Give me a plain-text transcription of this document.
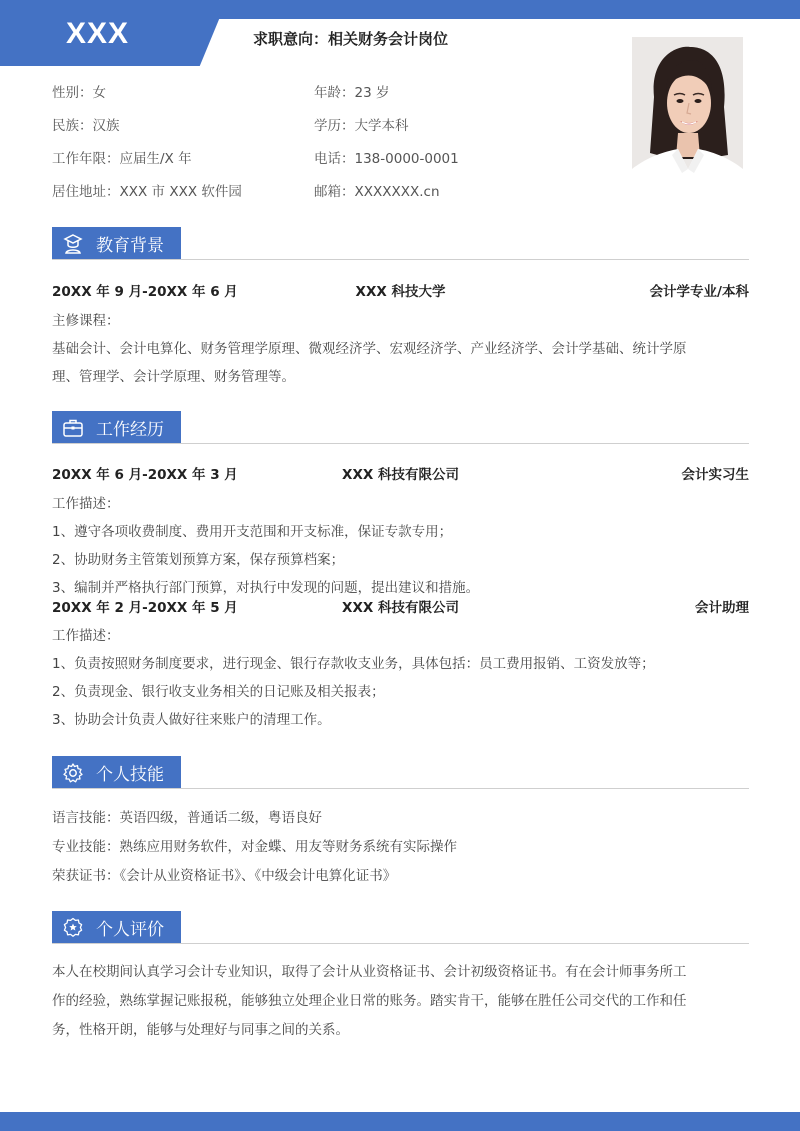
XXX	求职意向：相关财务会计岗位
性别：女	年龄：23 岁
民族：汉族	学历：大学本科
工作年限：应届生/X 年	电话：138-0000-0001
居住地址：XXX 市 XXX 软件园	邮箱：XXXXXXX.cn
教育背景
20XX 年 9 月-20XX 年 6 月	XXX 科技大学	会计学专业/本科
主修课程：
基础会计、会计电算化、财务管理学原理、微观经济学、宏观经济学、产业经济学、会计学基础、统计学原
理、管理学、会计学原理、财务管理等。
工作经历
20XX 年 6 月-20XX 年 3 月	XXX 科技有限公司	会计实习生
工作描述：
1、遵守各项收费制度、费用开支范围和开支标准，保证专款专用；
2、协助财务主管策划预算方案，保存预算档案；
3、编制并严格执行部门预算，对执行中发现的问题，提出建议和措施。
20XX 年 2 月-20XX 年 5 月	XXX 科技有限公司	会计助理
工作描述：
1、负责按照财务制度要求，进行现金、银行存款收支业务，具体包括：员工费用报销、工资发放等；
2、负责现金、银行收支业务相关的日记账及相关报表；
3、协助会计负责人做好往来账户的清理工作。
个人技能
语言技能：英语四级，普通话二级，粤语良好
专业技能：熟练应用财务软件，对金蝶、用友等财务系统有实际操作
荣获证书：《会计从业资格证书》、《中级会计电算化证书》
个人评价
本人在校期间认真学习会计专业知识，取得了会计从业资格证书、会计初级资格证书。有在会计师事务所工
作的经验，熟练掌握记账报税，能够独立处理企业日常的账务。踏实肯干，能够在胜任公司交代的工作和任
务，性格开朗，能够与处理好与同事之间的关系。
